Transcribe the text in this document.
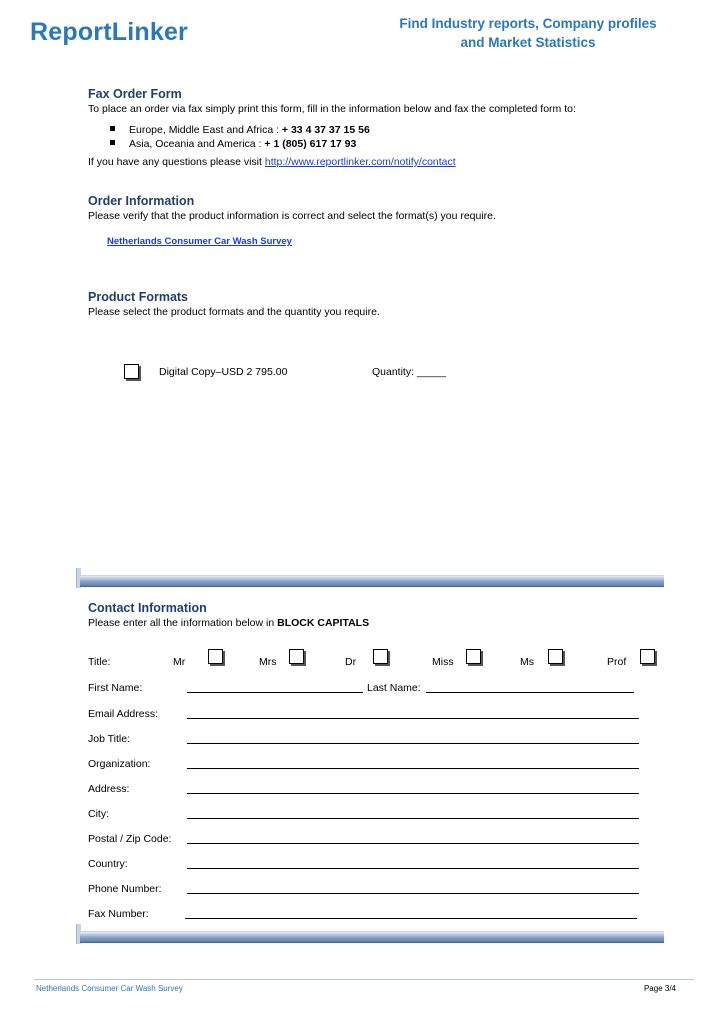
ReportLinker	Find Industry reports, Company profiles
and Market Statistics
Fax Order Form
To place an order via fax simply print this form, fill in the information below and fax the completed form to:
Europe, Middle East and Africa : + 33 4 37 37 15 56
Asia, Oceania and America : + 1 (805) 617 17 93
If you have any questions please visit http://www.reportlinker.com/notify/contact
Order Information
Please verify that the product information is correct and select the format(s) you require.
Netherlands Consumer Car Wash Survey
Product Formats
Please select the product formats and the quantity you require.
Digital Copy–USD 2 795.00	Quantity: _____
Contact Information
Please enter all the information below in BLOCK CAPITALS
Title:	Mr	Mrs	Dr	Miss	Ms	Prof
First Name:	Last Name:
Email Address:
Job Title:
Organization:
Address:
City:
Postal / Zip Code:
Country:
Phone Number:
Fax Number:
Netherlands Consumer Car Wash Survey	Page 3/4
